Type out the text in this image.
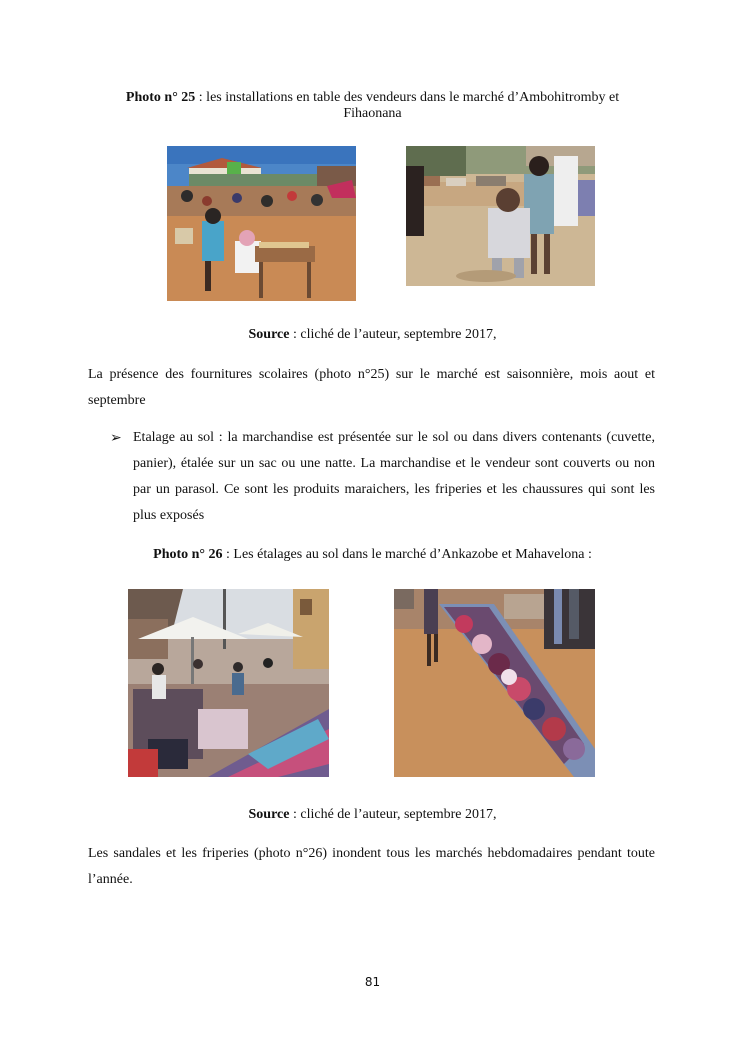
Photo n° 25 : les installations en table des vendeurs dans le marché d’Ambohitromby et Fihaonana
Source : cliché de l’auteur, septembre 2017,
La présence des fournitures scolaires (photo n°25) sur le marché est saisonnière, mois aout et septembre
➢ Etalage au sol : la marchandise est présentée sur le sol ou dans divers contenants (cuvette, panier), étalée sur un sac ou une natte. La marchandise et le vendeur sont couverts ou non par un parasol. Ce sont les produits maraichers, les friperies et les chaussures qui sont les plus exposés
Photo n° 26 : Les étalages au sol dans le marché d’Ankazobe et Mahavelona :
Source : cliché de l’auteur, septembre 2017,
Les sandales et les friperies (photo n°26) inondent tous les marchés hebdomadaires pendant toute l’année.
81
